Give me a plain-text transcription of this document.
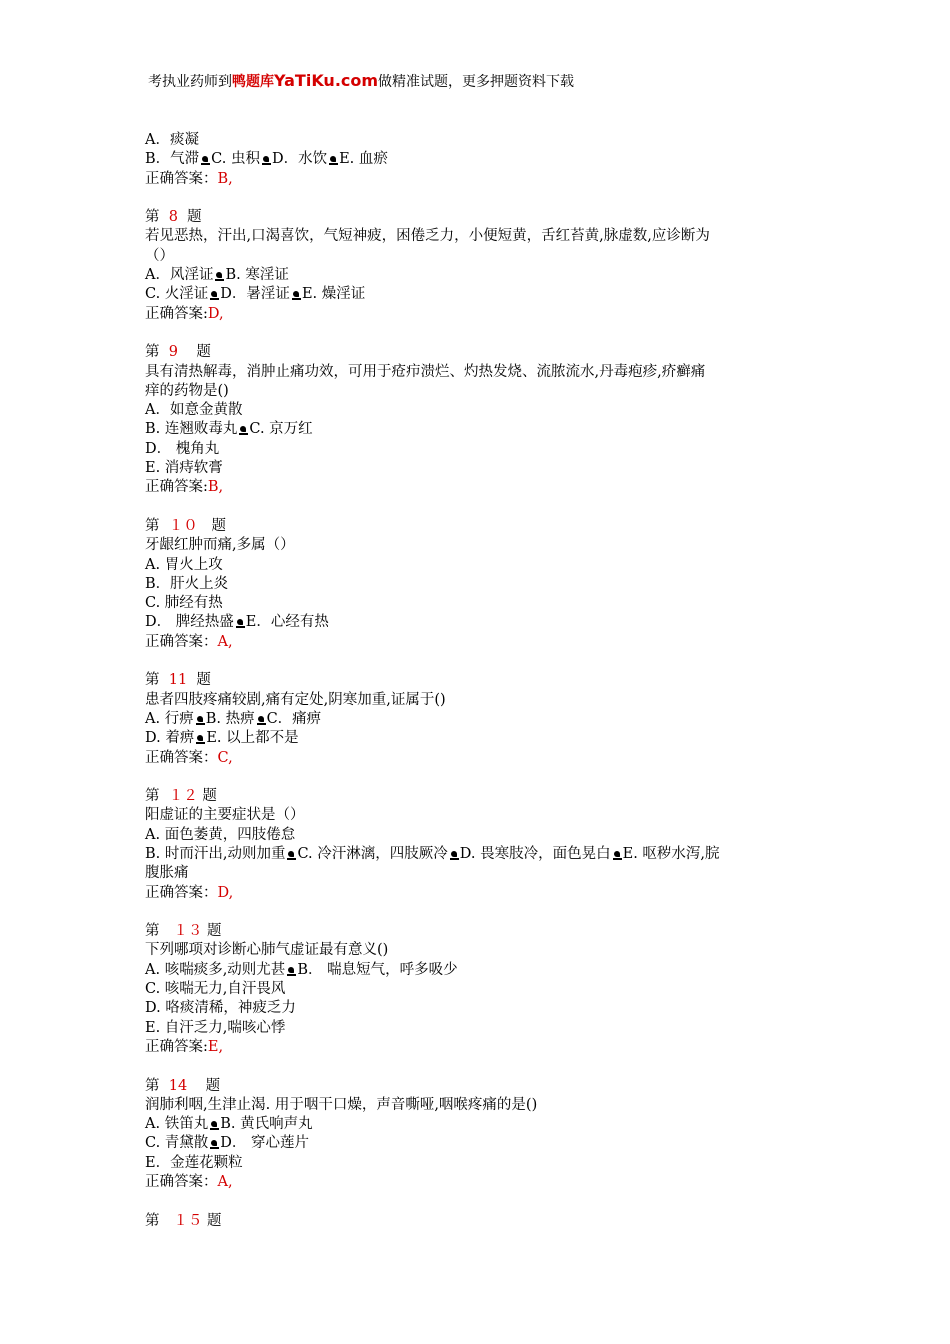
考执业药师到鸭题库YaTiKu.com做精准试题，更多押题资料下载
A．痰凝
B．气滞 C. 虫积 D．水饮 E. 血瘀
正确答案：B,
第 8 题
若见恶热，汗出,口渴喜饮，气短神疲，困倦乏力，小便短黄，舌红苔黄,脉虚数,应诊断为
（）
A．风淫证 B. 寒淫证
C. 火淫证 D．暑淫证 E. 燥淫证
正确答案:D,
第 9 题
具有清热解毒，消肿止痛功效，可用于疮疖溃烂、灼热发烧、流脓流水,丹毒疱疹,疥癣痛
痒的药物是()
A．如意金黄散
B. 连翘败毒丸 C. 京万红
D． 槐角丸
E. 消痔软膏
正确答案:B,
第 １０ 题
牙龈红肿而痛,多属（）
A. 胃火上攻
B．肝火上炎
C. 肺经有热
D． 脾经热盛 E．心经有热
正确答案：A,
第 11 题
患者四肢疼痛较剧,痛有定处,阴寒加重,证属于()
A. 行痹 B. 热痹 C．痛痹
D. 着痹 E. 以上都不是
正确答案：C,
第 １２ 题
阳虚证的主要症状是（）
A. 面色萎黄，四肢倦怠
B. 时而汗出,动则加重 C. 冷汗淋漓，四肢厥冷 D. 畏寒肢冷，面色晃白 E. 呕秽水泻,脘
腹胀痛
正确答案：D,
第 １３ 题
下列哪项对诊断心肺气虚证最有意义()
A. 咳喘痰多,动则尤甚 B． 喘息短气，呼多吸少
C. 咳喘无力,自汗畏风
D. 咯痰清稀，神疲乏力
E. 自汗乏力,喘咳心悸
正确答案:E,
第 14 题
润肺利咽,生津止渴. 用于咽干口燥，声音嘶哑,咽喉疼痛的是()
A. 铁笛丸 B. 黄氏响声丸
C. 青黛散 D． 穿心莲片
E．金莲花颗粒
正确答案：A,
第 １５ 题
